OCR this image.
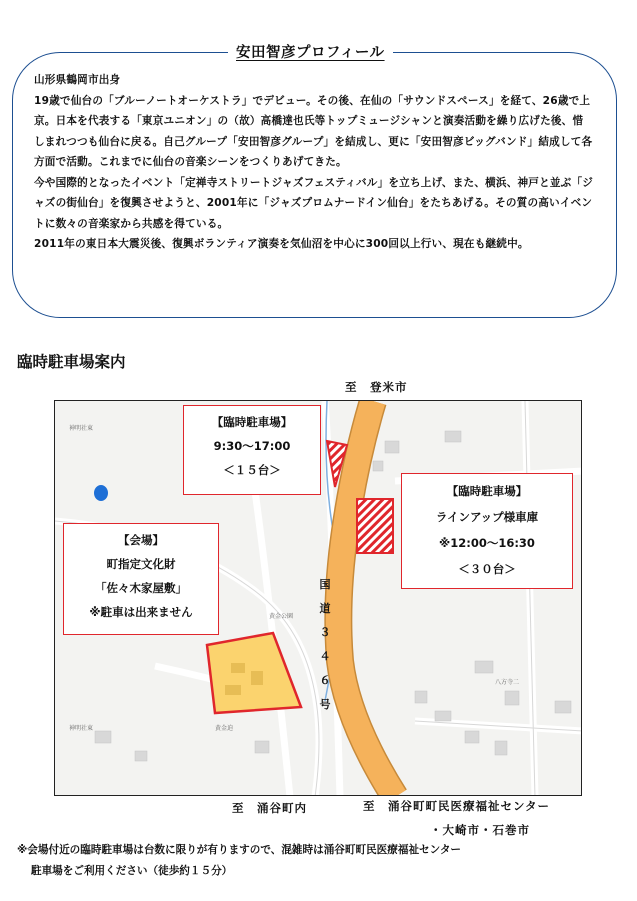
安田智彦プロフィール

山形県鶴岡市出身

19歳で仙台の「ブルーノートオーケストラ」でデビュー。その後、在仙の「サウンドスペース」を経て、26歳で上京。日本を代表する「東京ユニオン」の（故）高橋達也氏等トップミュージシャンと演奏活動を繰り広げた後、惜しまれつつも仙台に戻る。自己グループ「安田智彦グループ」を結成し、更に「安田智彦ビッグバンド」結成して各方面で活動。これまでに仙台の音楽シーンをつくりあげてきた。

今や国際的となったイベント「定禅寺ストリートジャズフェスティバル」を立ち上げ、また、横浜、神戸と並ぶ「ジャズの街仙台」を復興させようと、2001年に「ジャズプロムナードイン仙台」をたちあげる。その質の高いイベントに数々の音楽家から共感を得ている。

2011年の東日本大震災後、復興ボランティア演奏を気仙沼を中心に300回以上行い、現在も継続中。

臨時駐車場案内
至　登米市
神明社東
神明社東
八方寺二
黄金迫
黄金公園
国
道
３
４
６
号
【臨時駐車場】
9:30〜17:00
＜１５台＞
【臨時駐車場】
ラインアップ様車庫
※12:00〜16:30
＜３０台＞
【会場】
町指定文化財
「佐々木家屋敷」
※駐車は出来ません
至　涌谷町内	至　涌谷町町民医療福祉センター
・大崎市・石巻市
※会場付近の臨時駐車場は台数に限りが有りますので、混雑時は涌谷町町民医療福祉センター
駐車場をご利用ください（徒歩約１５分）
